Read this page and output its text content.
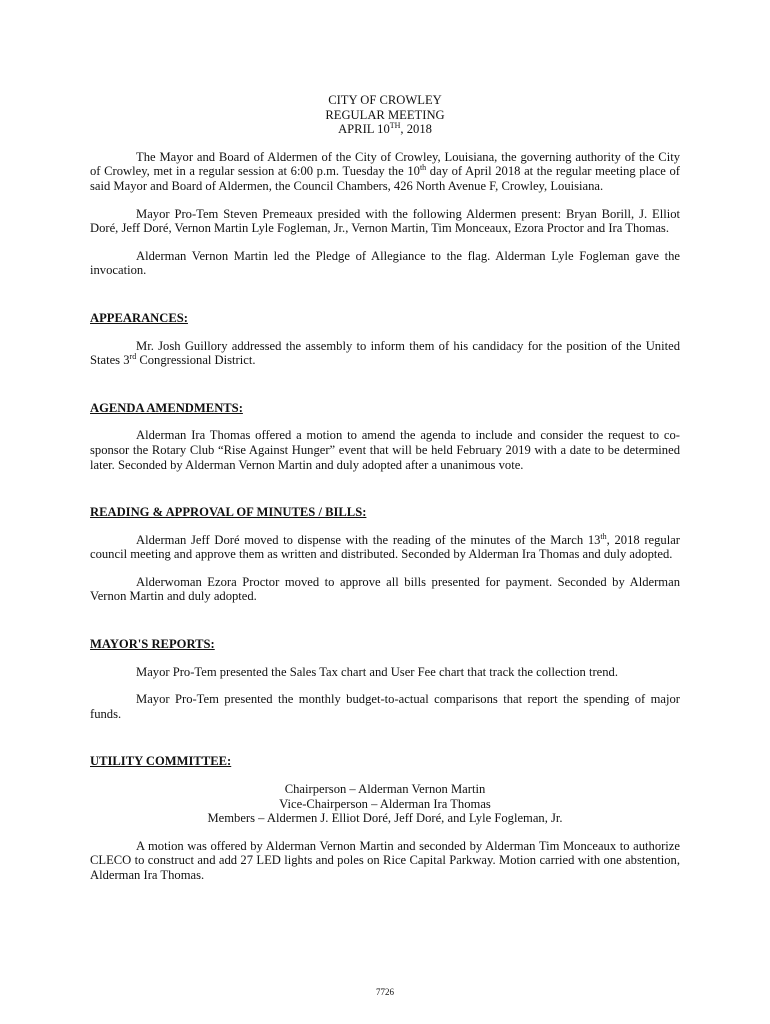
CITY OF CROWLEY
REGULAR MEETING
APRIL 10TH, 2018

The Mayor and Board of Aldermen of the City of Crowley, Louisiana, the governing authority of the City of Crowley, met in a regular session at 6:00 p.m. Tuesday the 10th day of April 2018 at the regular meeting place of said Mayor and Board of Aldermen, the Council Chambers, 426 North Avenue F, Crowley, Louisiana.

Mayor Pro-Tem Steven Premeaux presided with the following Aldermen present: Bryan Borill, J. Elliot Doré, Jeff Doré, Vernon Martin Lyle Fogleman, Jr., Vernon Martin, Tim Monceaux, Ezora Proctor and Ira Thomas.

Alderman Vernon Martin led the Pledge of Allegiance to the flag. Alderman Lyle Fogleman gave the invocation.

APPEARANCES:

Mr. Josh Guillory addressed the assembly to inform them of his candidacy for the position of the United States 3rd Congressional District.

AGENDA AMENDMENTS:

Alderman Ira Thomas offered a motion to amend the agenda to include and consider the request to co-sponsor the Rotary Club “Rise Against Hunger” event that will be held February 2019 with a date to be determined later. Seconded by Alderman Vernon Martin and duly adopted after a unanimous vote.

READING & APPROVAL OF MINUTES / BILLS:

Alderman Jeff Doré moved to dispense with the reading of the minutes of the March 13th, 2018 regular council meeting and approve them as written and distributed. Seconded by Alderman Ira Thomas and duly adopted.

Alderwoman Ezora Proctor moved to approve all bills presented for payment. Seconded by Alderman Vernon Martin and duly adopted.

MAYOR'S REPORTS:

Mayor Pro-Tem presented the Sales Tax chart and User Fee chart that track the collection trend.

Mayor Pro-Tem presented the monthly budget-to-actual comparisons that report the spending of major funds.

UTILITY COMMITTEE:
Chairperson – Alderman Vernon Martin
Vice-Chairperson – Alderman Ira Thomas
Members – Aldermen J. Elliot Doré, Jeff Doré, and Lyle Fogleman, Jr.

A motion was offered by Alderman Vernon Martin and seconded by Alderman Tim Monceaux to authorize CLECO to construct and add 27 LED lights and poles on Rice Capital Parkway. Motion carried with one abstention, Alderman Ira Thomas.

7726
